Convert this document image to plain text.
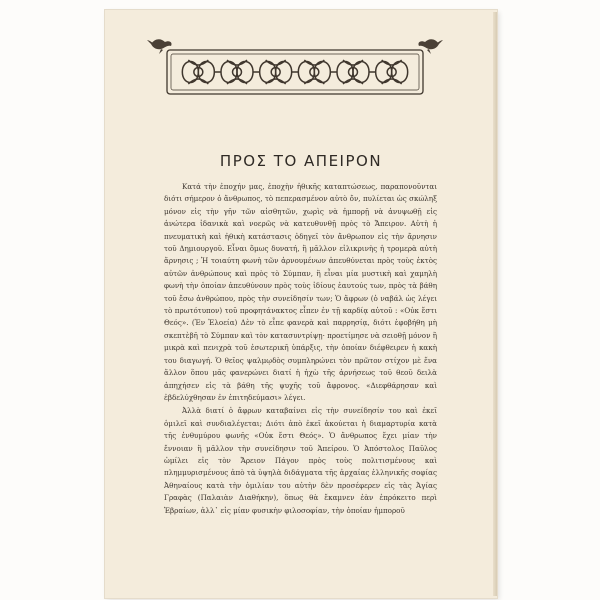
ΠΡΟΣ ΤΟ ΑΠΕΙΡΟΝ

Κατά τὴν ἐποχήν μας, ἐποχὴν ἠθικῆς καταπτώσεως, παραπονοῦνται διότι σήμερον ὁ ἄνθρωπος, τὸ πεπερασμένον αὐτὸ ὄν, πυλίεται ὡς σκώληξ μόνον εἰς τὴν γῆν τῶν αἰσθητῶν, χωρὶς νὰ ἠμπορῇ νὰ ἀνυψωθῇ εἰς ἀνώτερα ἰδανικὰ καὶ νοερῶς νὰ κατευθυνθῇ πρὸς τὸ Ἄπειρον. Αὐτὴ ἡ πνευματικὴ καὶ ἠθικὴ κατάστασις ὁδηγεῖ τὸν ἄνθρωπον εἰς τὴν ἄρνησιν τοῦ Δημιουργοῦ. Εἶναι ὅμως δυνατή, ἢ μᾶλλον εἰλικρινὴς ἡ τρομερὰ αὐτὴ ἄρνησις ; Ἡ τοιαύτη φωνὴ τῶν ἀρνουμένων ἀπευθύνεται πρὸς τοὺς ἐκτὸς αὐτῶν ἀνθρώπους καὶ πρὸς τὸ Σύμπαν, ἢ εἶναι μία μυστικὴ καὶ χαμηλὴ φωνὴ τὴν ὁποίαν ἀπευθύνουν πρὸς τοὺς ἰδίους ἑαυτούς των, πρὸς τὰ βάθη τοῦ ἔσω ἀνθρώπου, πρὸς τὴν συνείδησίν των; Ὁ ἄφρων (ὁ ναβάλ ὡς λέγει τὸ πρωτότυπον) τοῦ προφητάνακτος εἶπεν ἐν τῇ καρδίᾳ αὐτοῦ : «Οὐκ ἔστι Θεός». (Ἐν Ἑλοεία) Δὲν τὸ εἶπε φανερὰ καὶ παρρησίᾳ, διότι ἐφοβήθη μὴ σκεπτὲβῆ τὸ Σύμπαν καὶ τὸν κατασυντρίψῃ· προετίμησε νὰ σειοθῇ μόνον ἢ μικρὰ καὶ πενιχρὰ τοῦ ἐσωτερικῆ ὑπάρξις, τὴν ὁποίαν διέφθειρεν ἡ κακὴ του διαγωγή. Ὁ θεῖος ψαλμῳδὸς συμπληρώνει τὸν πρῶτον στίχον μὲ ἕνα ἄλλον ὅπου μᾶς φανερώνει διατί ἡ ἠχὼ τῆς ἀρνήσεως τοῦ θεοῦ δειλὰ ἀπηχήσεν εἰς τὰ βάθη τῆς ψυχῆς τοῦ ἄφρονος. «Διεφθάρησαν καὶ ἐβδελύχθησαν ἐν ἐπιτηδεύμασι» λέγει.

Ἀλλὰ διατί ὁ ἄφρων καταβαίνει εἰς τὴν συνείδησίν του καὶ ἐκεῖ ὁμιλεῖ καὶ συνδιαλέγεται; Διότι ἀπὸ ἐκεῖ ἀκούεται ἡ διαμαρτυρία κατὰ τῆς ἐνθυμύρου φωνῆς «Οὐκ ἔστι Θεός». Ὁ ἄνθρωπος ἔχει μίαν τὴν ἔννοιαν ἢ μᾶλλον τὴν συνείδησιν τοῦ Ἀπείρου. Ὁ Ἀπόστολος Παῦλος ὡμίλει εἰς τὸν Ἄρειον Πάγον πρὸς τοὺς πολιτισμένους καὶ πλημμυρισμένους ἀπὸ τὰ ὑψηλὰ διδάγματα τῆς ἀρχαίας ἑλληνικῆς σοφίας Ἀθηναίους κατὰ τὴν ὁμιλίαν του αὐτὴν δὲν προσέφερεν εἰς τὰς Ἁγίας Γραφὰς (Παλαιὰν Διαθήκην), ὅπως θὰ ἔκαμνεν ἐὰν ἐπρόκειτο περὶ Ἑβραίων, ἀλλ᾽ εἰς μίαν φυσικὴν φιλοσοφίαν, τὴν ὁποίαν ἠμποροῦ
